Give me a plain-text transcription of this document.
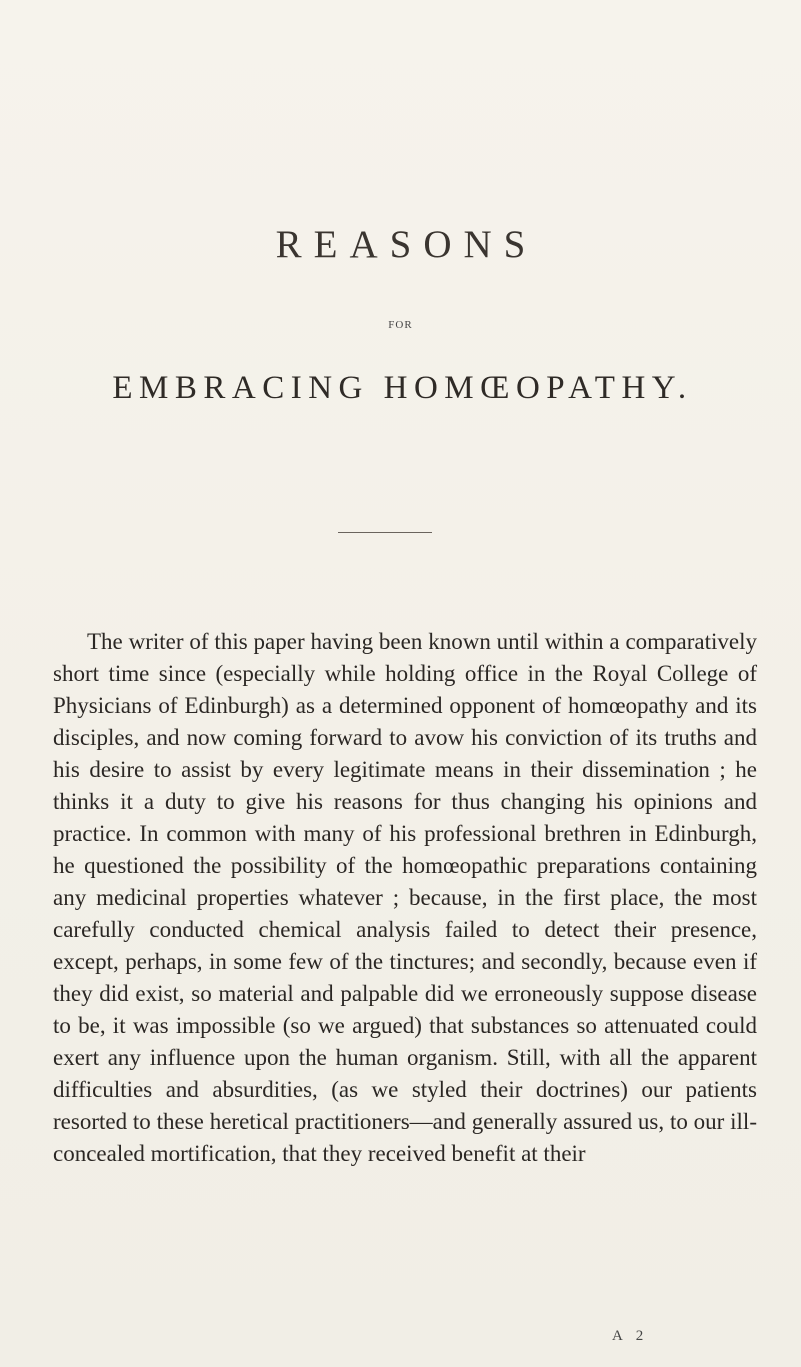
REASONS
FOR
EMBRACING HOMŒOPATHY.

The writer of this paper having been known until within a comparatively short time since (especially while holding office in the Royal College of Physicians of Edinburgh) as a determined opponent of homœopathy and its disciples, and now coming forward to avow his conviction of its truths and his desire to assist by every legitimate means in their dissemination ; he thinks it a duty to give his reasons for thus changing his opinions and practice. In common with many of his professional brethren in Edinburgh, he questioned the possibility of the homœopathic preparations containing any medicinal properties whatever ; because, in the first place, the most carefully conducted chemical analysis failed to detect their presence, except, perhaps, in some few of the tinctures; and secondly, because even if they did exist, so material and palpable did we erroneously suppose disease to be, it was impossible (so we argued) that substances so attenuated could exert any influence upon the human organism. Still, with all the apparent difficulties and absurdities, (as we styled their doctrines) our patients resorted to these heretical practitioners—and generally assured us, to our ill-concealed mortification, that they received benefit at their

A 2
